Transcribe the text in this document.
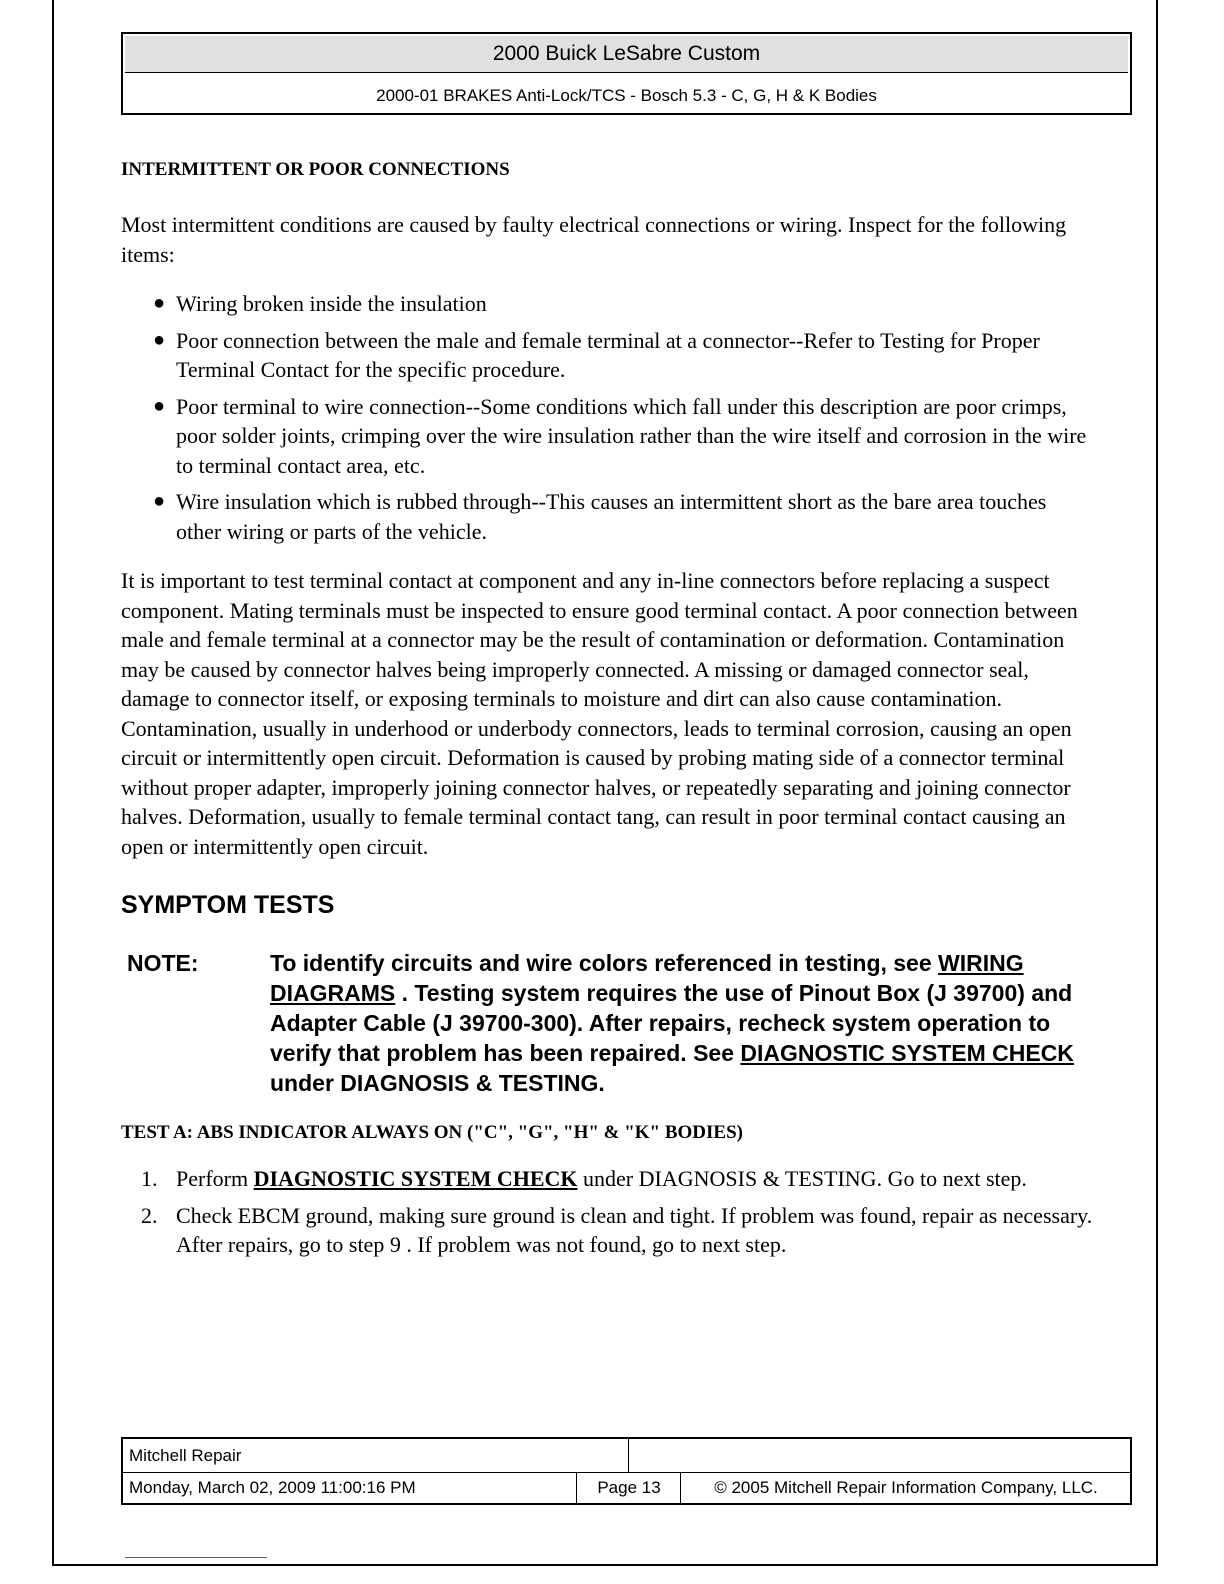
2000 Buick LeSabre Custom
2000-01 BRAKES Anti-Lock/TCS - Bosch 5.3 - C, G, H & K Bodies
INTERMITTENT OR POOR CONNECTIONS

Most intermittent conditions are caused by faulty electrical connections or wiring. Inspect for the following items:

● Wiring broken inside the insulation
● Poor connection between the male and female terminal at a connector--Refer to Testing for Proper Terminal Contact for the specific procedure.
● Poor terminal to wire connection--Some conditions which fall under this description are poor crimps, poor solder joints, crimping over the wire insulation rather than the wire itself and corrosion in the wire to terminal contact area, etc.
● Wire insulation which is rubbed through--This causes an intermittent short as the bare area touches other wiring or parts of the vehicle.

It is important to test terminal contact at component and any in-line connectors before replacing a suspect component. Mating terminals must be inspected to ensure good terminal contact. A poor connection between male and female terminal at a connector may be the result of contamination or deformation. Contamination may be caused by connector halves being improperly connected. A missing or damaged connector seal, damage to connector itself, or exposing terminals to moisture and dirt can also cause contamination. Contamination, usually in underhood or underbody connectors, leads to terminal corrosion, causing an open circuit or intermittently open circuit. Deformation is caused by probing mating side of a connector terminal without proper adapter, improperly joining connector halves, or repeatedly separating and joining connector halves. Deformation, usually to female terminal contact tang, can result in poor terminal contact causing an open or intermittently open circuit.

SYMPTOM TESTS
NOTE:	To identify circuits and wire colors referenced in testing, see WIRING DIAGRAMS . Testing system requires the use of Pinout Box (J 39700) and Adapter Cable (J 39700-300). After repairs, recheck system operation to verify that problem has been repaired. See DIAGNOSTIC SYSTEM CHECK under DIAGNOSIS & TESTING.
TEST A: ABS INDICATOR ALWAYS ON ("C", "G", "H" & "K" BODIES)
1. Perform DIAGNOSTIC SYSTEM CHECK under DIAGNOSIS & TESTING. Go to next step.
2. Check EBCM ground, making sure ground is clean and tight. If problem was found, repair as necessary. After repairs, go to step 9 . If problem was not found, go to next step.
Mitchell Repair
Monday, March 02, 2009 11:00:16 PM	Page 13	© 2005 Mitchell Repair Information Company, LLC.
